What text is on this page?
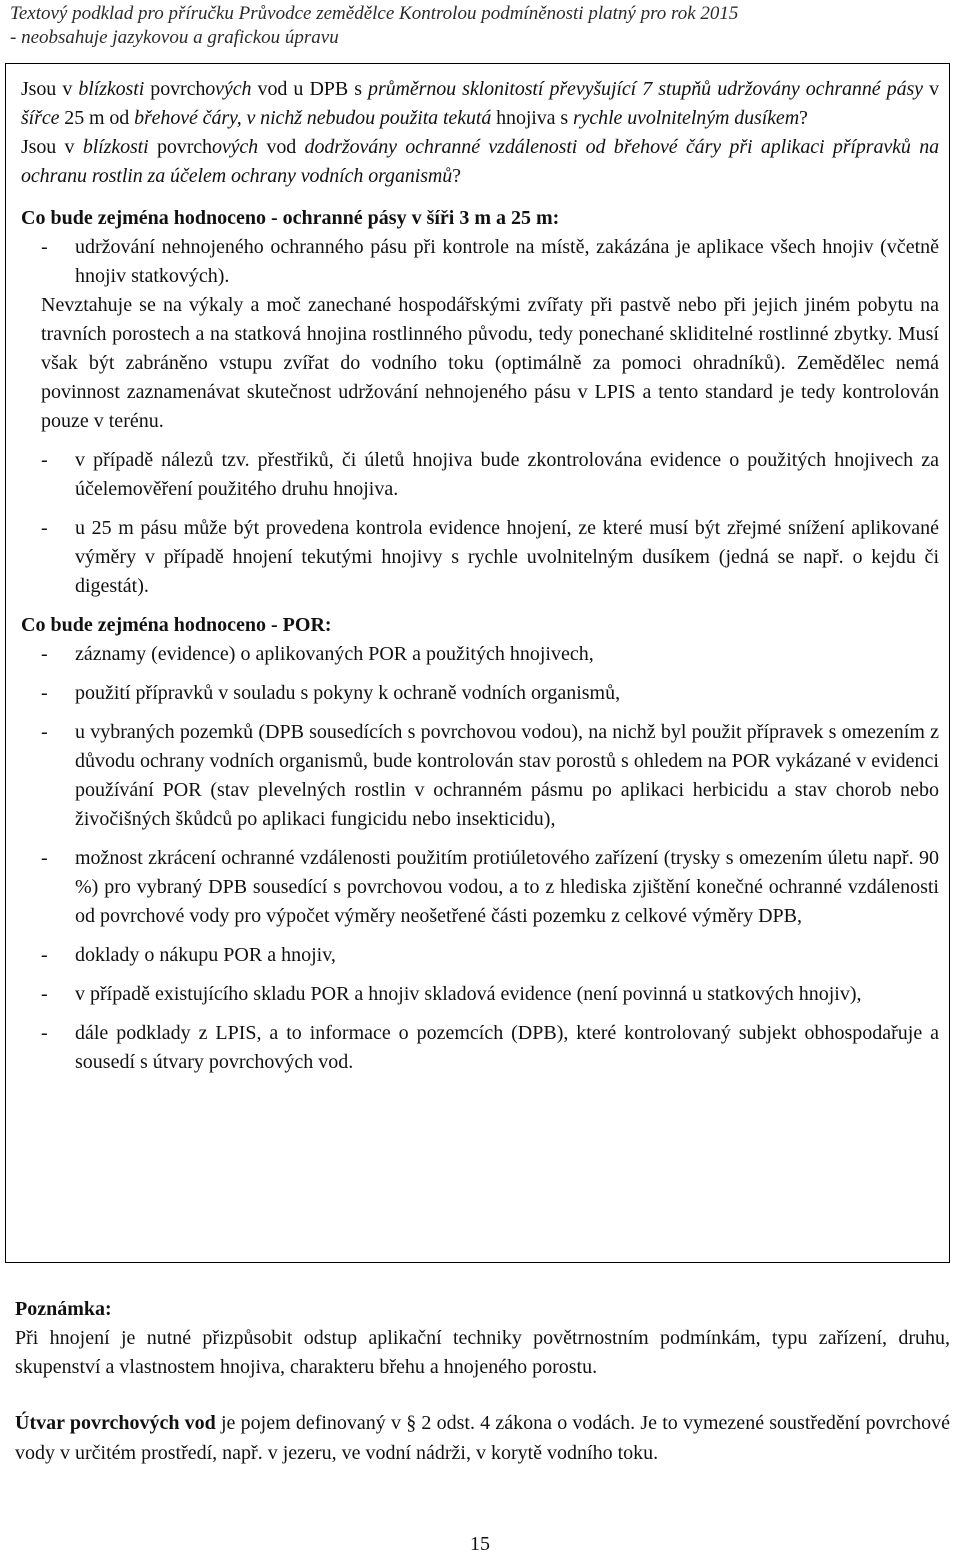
Textový podklad pro příručku Průvodce zemědělce Kontrolou podmíněnosti platný pro rok 2015
- neobsahuje jazykovou a grafickou úpravu

Jsou v blízkosti povrchových vod u DPB s průměrnou sklonitostí převyšující 7 stupňů udržovány ochranné pásy v šířce 25 m od břehové čáry, v nichž nebudou použita tekutá hnojiva s rychle uvolnitelným dusíkem?

Jsou v blízkosti povrchových vod dodržovány ochranné vzdálenosti od břehové čáry při aplikaci přípravků na ochranu rostlin za účelem ochrany vodních organismů?

Co bude zejména hodnoceno - ochranné pásy v šíři 3 m a 25 m:

-	udržování nehnojeného ochranného pásu při kontrole na místě, zakázána je aplikace všech hnojiv (včetně hnojiv statkových).

Nevztahuje se na výkaly a moč zanechané hospodářskými zvířaty při pastvě nebo při jejich jiném pobytu na travních porostech a na statková hnojina rostlinného původu, tedy ponechané skliditelné rostlinné zbytky. Musí však být zabráněno vstupu zvířat do vodního toku (optimálně za pomoci ohradníků). Zemědělec nemá povinnost zaznamenávat skutečnost udržování nehnojeného pásu v LPIS a tento standard je tedy kontrolován pouze v terénu.

-	v případě nálezů tzv. přestřiků, či úletů hnojiva bude zkontrolována evidence o použitých hnojivech za účelemověření použitého druhu hnojiva.
-	u 25 m pásu může být provedena kontrola evidence hnojení, ze které musí být zřejmé snížení aplikované výměry v případě hnojení tekutými hnojivy s rychle uvolnitelným dusíkem (jedná se např. o kejdu či digestát).

Co bude zejména hodnoceno - POR:

-	záznamy (evidence) o aplikovaných POR a použitých hnojivech,
-	použití přípravků v souladu s pokyny k ochraně vodních organismů,
-	u vybraných pozemků (DPB sousedících s povrchovou vodou), na nichž byl použit přípravek s omezením z důvodu ochrany vodních organismů, bude kontrolován stav porostů s ohledem na POR vykázané v evidenci používání POR (stav plevelných rostlin v ochranném pásmu po aplikaci herbicidu a stav chorob nebo živočišných škůdců po aplikaci fungicidu nebo insekticidu),
-	možnost zkrácení ochranné vzdálenosti použitím protiúletového zařízení (trysky s omezením úletu např. 90 %) pro vybraný DPB sousedící s povrchovou vodou, a to z hlediska zjištění konečné ochranné vzdálenosti od povrchové vody pro výpočet výměry neošetřené části pozemku z celkové výměry DPB,
-	doklady o nákupu POR a hnojiv,
-	v případě existujícího skladu POR a hnojiv skladová evidence (není povinná u statkových hnojiv),
-	dále podklady z LPIS, a to informace o pozemcích (DPB), které kontrolovaný subjekt obhospodařuje a sousedí s útvary povrchových vod.

Poznámka:

Při hnojení je nutné přizpůsobit odstup aplikační techniky povětrnostním podmínkám, typu zařízení, druhu, skupenství a vlastnostem hnojiva, charakteru břehu a hnojeného porostu.

Útvar povrchových vod je pojem definovaný v § 2 odst. 4 zákona o vodách. Je to vymezené soustředění povrchové vody v určitém prostředí, např. v jezeru, ve vodní nádrži, v korytě vodního toku.

15
